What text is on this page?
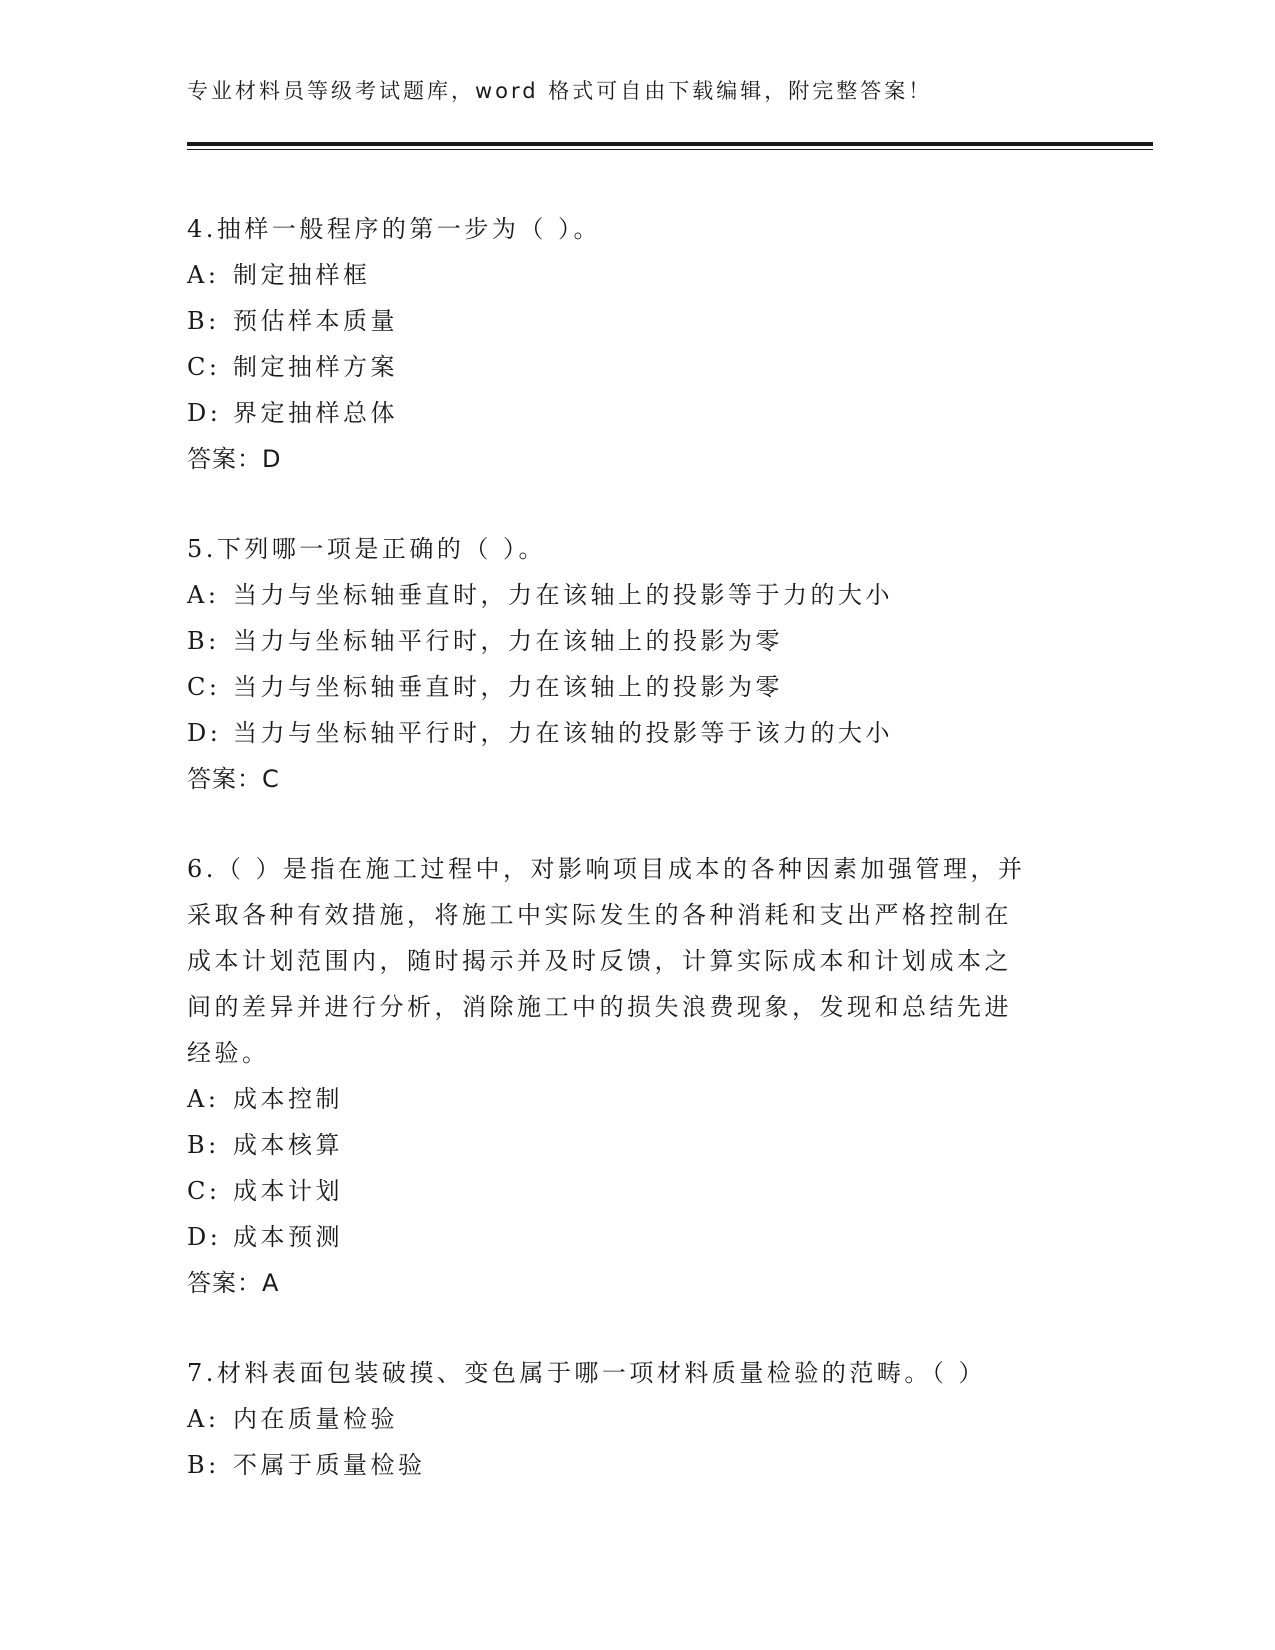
专业材料员等级考试题库，word 格式可自由下载编辑，附完整答案！
4.抽样一般程序的第一步为（ ）。
A: 制定抽样框
B: 预估样本质量
C: 制定抽样方案
D: 界定抽样总体
答案：D
5.下列哪一项是正确的（ ）。
A: 当力与坐标轴垂直时，力在该轴上的投影等于力的大小
B: 当力与坐标轴平行时，力在该轴上的投影为零
C: 当力与坐标轴垂直时，力在该轴上的投影为零
D: 当力与坐标轴平行时，力在该轴的投影等于该力的大小
答案：C
6.（ ）是指在施工过程中，对影响项目成本的各种因素加强管理，并
采取各种有效措施，将施工中实际发生的各种消耗和支出严格控制在
成本计划范围内，随时揭示并及时反馈，计算实际成本和计划成本之
间的差异并进行分析，消除施工中的损失浪费现象，发现和总结先进
经验。
A: 成本控制
B: 成本核算
C: 成本计划
D: 成本预测
答案：A
7.材料表面包装破摸、变色属于哪一项材料质量检验的范畴。（ ）
A: 内在质量检验
B: 不属于质量检验
